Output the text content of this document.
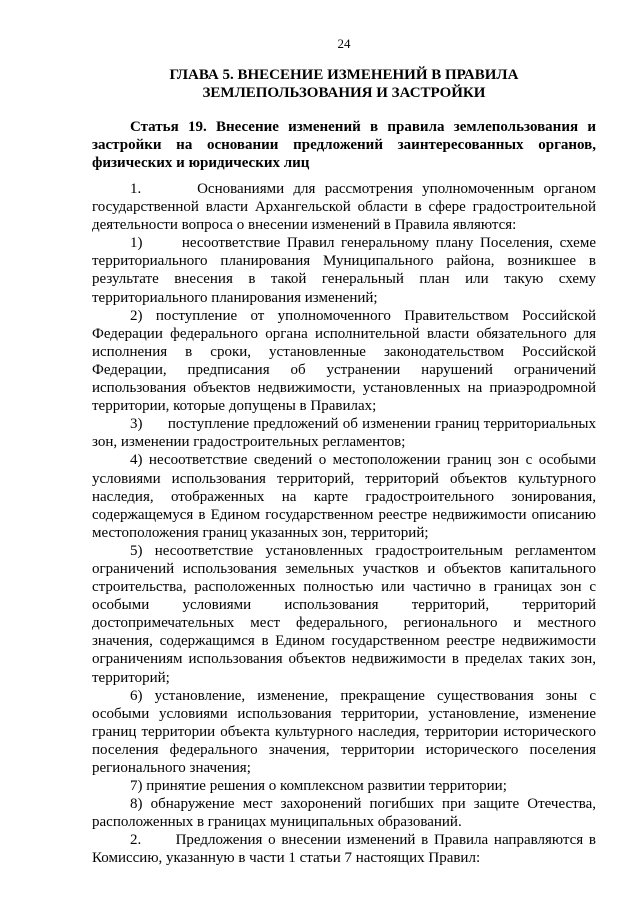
24
ГЛАВА 5. ВНЕСЕНИЕ ИЗМЕНЕНИЙ В ПРАВИЛА
ЗЕМЛЕПОЛЬЗОВАНИЯ И ЗАСТРОЙКИ

Статья 19. Внесение изменений в правила землепользования и застройки на основании предложений заинтересованных органов, физических и юридических лиц

1.      Основаниями для рассмотрения уполномоченным органом государственной власти Архангельской области в сфере градостроительной деятельности вопроса о внесении изменений в Правила являются:

1)      несоответствие Правил генеральному плану Поселения, схеме территориального планирования Муниципального района, возникшее в результате внесения в такой генеральный план или такую схему территориального планирования изменений;

2) поступление от уполномоченного Правительством Российской Федерации федерального органа исполнительной власти обязательного для исполнения в сроки, установленные законодательством Российской Федерации, предписания об устранении нарушений ограничений использования объектов недвижимости, установленных на приаэродромной территории, которые допущены в Правилах;

3)      поступление предложений об изменении границ территориальных зон, изменении градостроительных регламентов;

4) несоответствие сведений о местоположении границ зон с особыми условиями использования территорий, территорий объектов культурного наследия, отображенных на карте градостроительного зонирования, содержащемуся в Едином государственном реестре недвижимости описанию местоположения границ указанных зон, территорий;

5) несоответствие установленных градостроительным регламентом ограничений использования земельных участков и объектов капитального строительства, расположенных полностью или частично в границах зон с особыми условиями использования территорий, территорий достопримечательных мест федерального, регионального и местного значения, содержащимся в Едином государственном реестре недвижимости ограничениям использования объектов недвижимости в пределах таких зон, территорий;

6) установление, изменение, прекращение существования зоны с особыми условиями использования территории, установление, изменение границ территории объекта культурного наследия, территории исторического поселения федерального значения, территории исторического поселения регионального значения;

7) принятие решения о комплексном развитии территории;

8) обнаружение мест захоронений погибших при защите Отечества, расположенных в границах муниципальных образований.

2.      Предложения о внесении изменений в Правила направляются в Комиссию, указанную в части 1 статьи 7 настоящих Правил:
